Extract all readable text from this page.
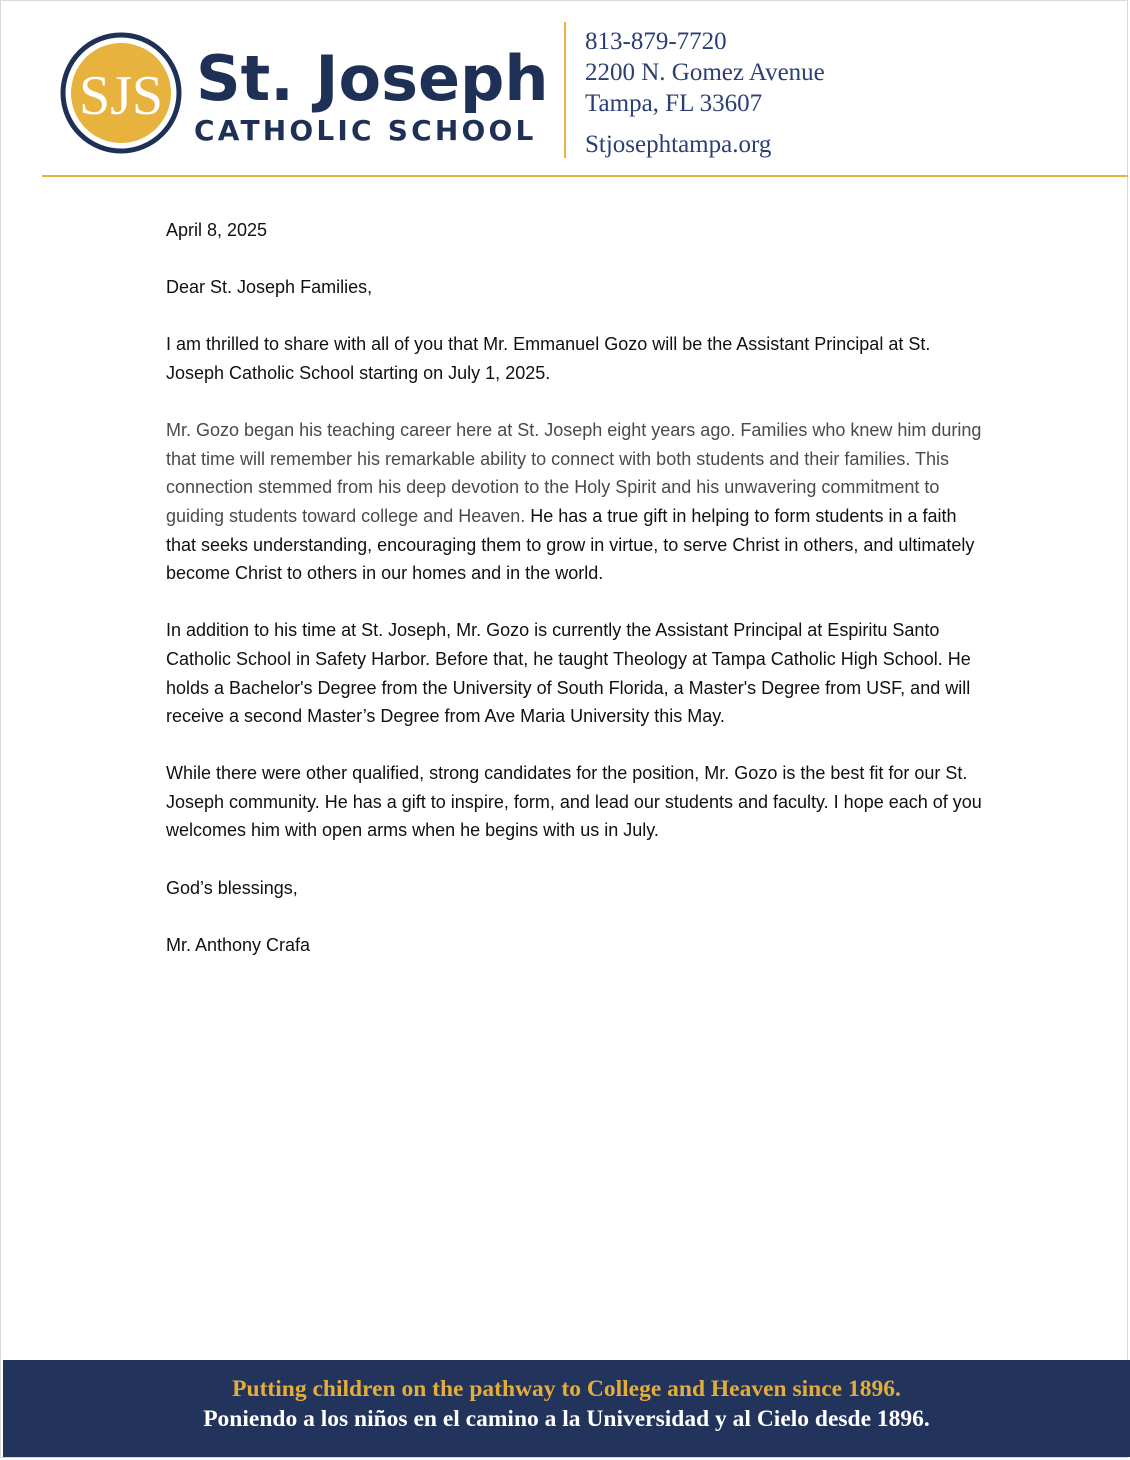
SJS St. Joseph
CATHOLIC SCHOOL
813-879-7720
2200 N. Gomez Avenue
Tampa, FL 33607
Stjosephtampa.org

April 8, 2025

Dear St. Joseph Families,

I am thrilled to share with all of you that Mr. Emmanuel Gozo will be the Assistant Principal at St. Joseph Catholic School starting on July 1, 2025.

Mr. Gozo began his teaching career here at St. Joseph eight years ago. Families who knew him during that time will remember his remarkable ability to connect with both students and their families. This connection stemmed from his deep devotion to the Holy Spirit and his unwavering commitment to guiding students toward college and Heaven. He has a true gift in helping to form students in a faith that seeks understanding, encouraging them to grow in virtue, to serve Christ in others, and ultimately become Christ to others in our homes and in the world.

In addition to his time at St. Joseph, Mr. Gozo is currently the Assistant Principal at Espiritu Santo Catholic School in Safety Harbor. Before that, he taught Theology at Tampa Catholic High School. He holds a Bachelor's Degree from the University of South Florida, a Master's Degree from USF, and will receive a second Master’s Degree from Ave Maria University this May.

While there were other qualified, strong candidates for the position, Mr. Gozo is the best fit for our St. Joseph community. He has a gift to inspire, form, and lead our students and faculty. I hope each of you welcomes him with open arms when he begins with us in July.

God’s blessings,

Mr. Anthony Crafa

Putting children on the pathway to College and Heaven since 1896.
Poniendo a los niños en el camino a la Universidad y al Cielo desde 1896.
